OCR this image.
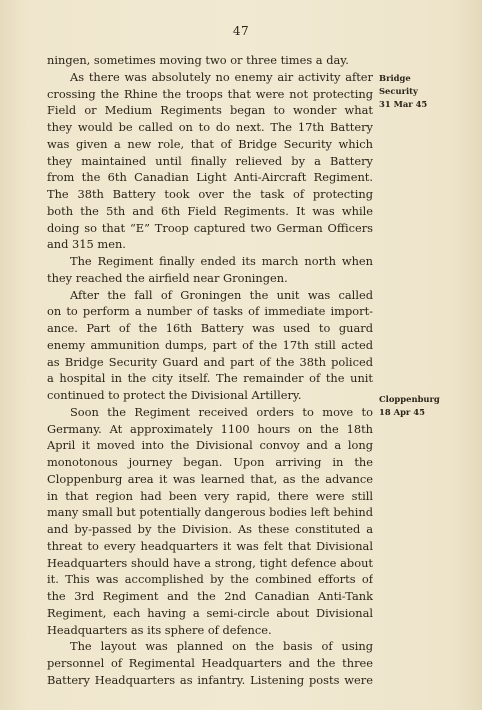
47
Bridge
Security
31 Mar 45
Cloppenburg
18 Apr 45
ningen, sometimes moving two or three times a day.
As there was absolutely no enemy air activity after
crossing the Rhine the troops that were not protecting
Field or Medium Regiments began to wonder what
they would be called on to do next. The 17th Battery
was given a new role, that of Bridge Security which
they maintained until finally relieved by a Battery
from the 6th Canadian Light Anti-Aircraft Regiment.
The 38th Battery took over the task of protecting
both the 5th and 6th Field Regiments. It was while
doing so that “E” Troop captured two German Officers
and 315 men.
The Regiment finally ended its march north when
they reached the airfield near Groningen.
After the fall of Groningen the unit was called
on to perform a number of tasks of immediate import-
ance. Part of the 16th Battery was used to guard
enemy ammunition dumps, part of the 17th still acted
as Bridge Security Guard and part of the 38th policed
a hospital in the city itself. The remainder of the unit
continued to protect the Divisional Artillery.
Soon the Regiment received orders to move to
Germany. At approximately 1100 hours on the 18th
April it moved into the Divisional convoy and a long
monotonous journey began. Upon arriving in the
Cloppenburg area it was learned that, as the advance
in that region had been very rapid, there were still
many small but potentially dangerous bodies left behind
and by-passed by the Division. As these constituted a
threat to every headquarters it was felt that Divisional
Headquarters should have a strong, tight defence about
it. This was accomplished by the combined efforts of
the 3rd Regiment and the 2nd Canadian Anti-Tank
Regiment, each having a semi-circle about Divisional
Headquarters as its sphere of defence.
The layout was planned on the basis of using
personnel of Regimental Headquarters and the three
Battery Headquarters as infantry. Listening posts were
